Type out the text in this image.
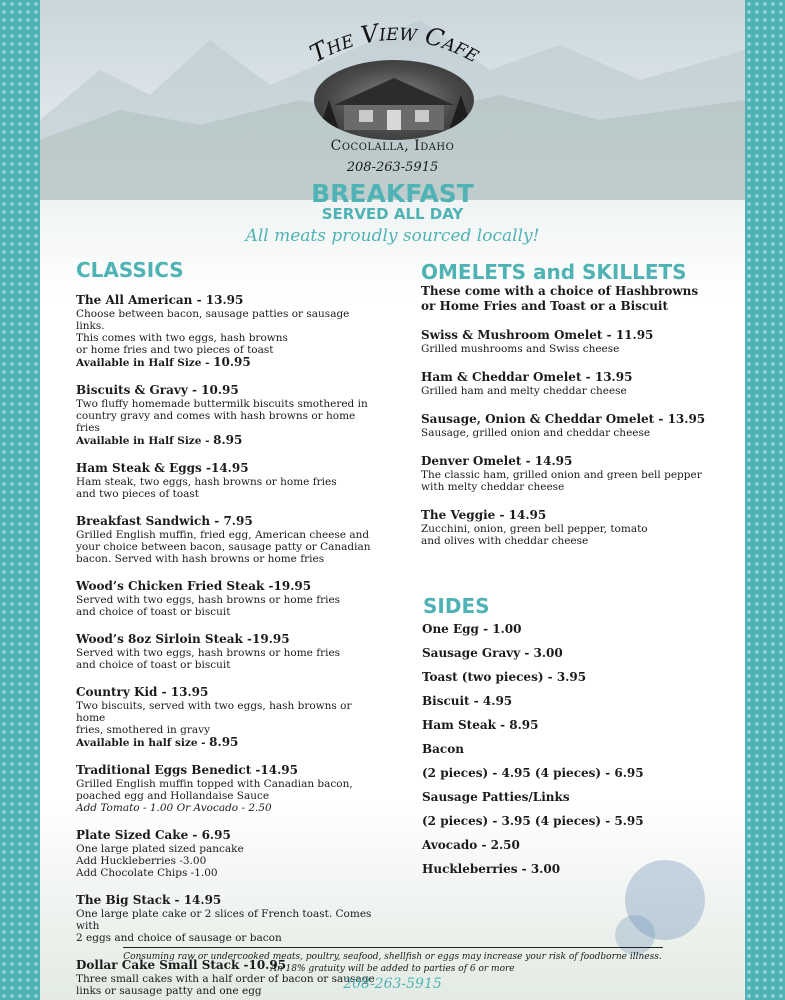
The View Cafe
Cocolalla, Idaho
208-263-5915
BREAKFAST
SERVED ALL DAY
All meats proudly sourced locally!
CLASSICS
The All American - 13.95
Choose between bacon, sausage patties or sausage links.
This comes with two eggs, hash browns
or home fries and two pieces of toast
Available in Half Size - 10.95
Biscuits & Gravy - 10.95
Two fluffy homemade buttermilk biscuits smothered in
country gravy and comes with hash browns or home fries
Available in Half Size - 8.95
Ham Steak & Eggs -14.95
Ham steak, two eggs, hash browns or home fries
and two pieces of toast
Breakfast Sandwich - 7.95
Grilled English muffin, fried egg, American cheese and
your choice between bacon, sausage patty or Canadian
bacon. Served with hash browns or home fries
Wood’s Chicken Fried Steak -19.95
Served with two eggs, hash browns or home fries
and choice of toast or biscuit
Wood’s 8oz Sirloin Steak -19.95
Served with two eggs, hash browns or home fries
and choice of toast or biscuit
Country Kid - 13.95
Two biscuits, served with two eggs, hash browns or home
fries, smothered in gravy
Available in half size - 8.95
Traditional Eggs Benedict -14.95
Grilled English muffin topped with Canadian bacon,
poached egg and Hollandaise Sauce
Add Tomato - 1.00 Or Avocado - 2.50
Plate Sized Cake - 6.95
One large plated sized pancake
Add Huckleberries -3.00
Add Chocolate Chips -1.00
The Big Stack - 14.95
One large plate cake or 2 slices of French toast. Comes with
2 eggs and choice of sausage or bacon
Dollar Cake Small Stack -10.95
Three small cakes with a half order of bacon or sausage
links or sausage patty and one egg
OMELETS and SKILLETS
These come with a choice of Hashbrowns
or Home Fries and Toast or a Biscuit
Swiss & Mushroom Omelet - 11.95
Grilled mushrooms and Swiss cheese
Ham & Cheddar Omelet - 13.95
Grilled ham and melty cheddar cheese
Sausage, Onion & Cheddar Omelet - 13.95
Sausage, grilled onion and cheddar cheese
Denver Omelet - 14.95
The classic ham, grilled onion and green bell pepper
with melty cheddar cheese
The Veggie - 14.95
Zucchini, onion, green bell pepper, tomato
and olives with cheddar cheese
SIDES
One Egg - 1.00
Sausage Gravy - 3.00
Toast (two pieces) - 3.95
Biscuit - 4.95
Ham Steak - 8.95
Bacon
(2 pieces) - 4.95 (4 pieces) - 6.95
Sausage Patties/Links
(2 pieces) - 3.95 (4 pieces) - 5.95
Avocado - 2.50
Huckleberries - 3.00
Consuming raw or undercooked meats, poultry, seafood, shellfish or eggs may increase your risk of foodborne illness.
An 18% gratuity will be added to parties of 6 or more
208-263-5915
